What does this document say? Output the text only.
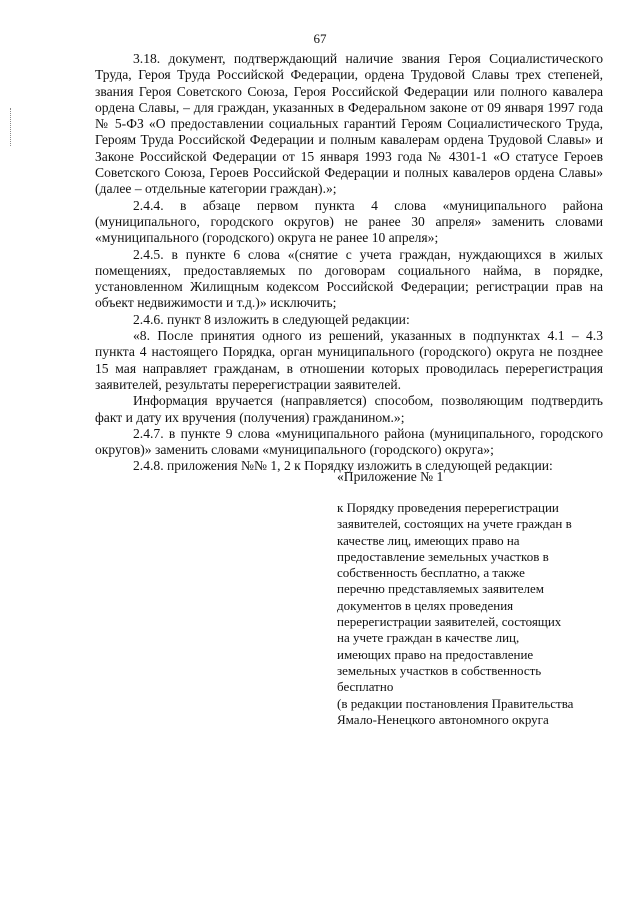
67

3.18. документ, подтверждающий наличие звания Героя Социалистического Труда, Героя Труда Российской Федерации, ордена Трудовой Славы трех степеней, звания Героя Советского Союза, Героя Российской Федерации или полного кавалера ордена Славы, – для граждан, указанных в Федеральном законе от 09 января 1997 года № 5-ФЗ «О предоставлении социальных гарантий Героям Социалистического Труда, Героям Труда Российской Федерации и полным кавалерам ордена Трудовой Славы» и Законе Российской Федерации от 15 января 1993 года № 4301-1 «О статусе Героев Советского Союза, Героев Российской Федерации и полных кавалеров ордена Славы» (далее – отдельные категории граждан).»;

2.4.4. в абзаце первом пункта 4 слова «муниципального района (муниципального, городского округов) не ранее 30 апреля» заменить словами «муниципального (городского) округа не ранее 10 апреля»;

2.4.5. в пункте 6 слова «(снятие с учета граждан, нуждающихся в жилых помещениях, предоставляемых по договорам социального найма, в порядке, установленном Жилищным кодексом Российской Федерации; регистрации прав на объект недвижимости и т.д.)» исключить;

2.4.6. пункт 8 изложить в следующей редакции:

«8. После принятия одного из решений, указанных в подпунктах 4.1 – 4.3 пункта 4 настоящего Порядка, орган муниципального (городского) округа не позднее 15 мая направляет гражданам, в отношении которых проводилась перерегистрация заявителей, результаты перерегистрации заявителей.

Информация вручается (направляется) способом, позволяющим подтвердить факт и дату их вручения (получения) гражданином.»;

2.4.7. в пункте 9 слова «муниципального района (муниципального, городского округов)» заменить словами «муниципального (городского) округа»;

2.4.8. приложения №№ 1, 2 к Порядку изложить в следующей редакции:

«Приложение № 1

к Порядку проведения перерегистрации

заявителей, состоящих на учете граждан в

качестве лиц, имеющих право на

предоставление земельных участков в

собственность бесплатно, а также

перечню представляемых заявителем

документов в целях проведения

перерегистрации заявителей, состоящих

на учете граждан в качестве лиц,

имеющих право на предоставление

земельных участков в собственность

бесплатно

(в редакции постановления Правительства

Ямало-Ненецкого автономного округа
